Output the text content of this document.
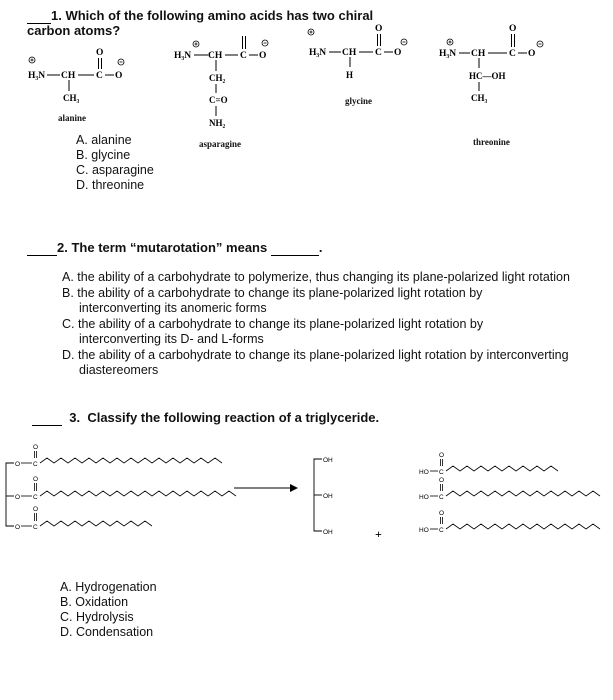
1. Which of the following amino acids has two chiral
carbon atoms?
H₃N CH C
O
O
CH₃
alanine
H₃N CH C O
CH₂
C=O
NH₂
asparagine
H₃N CH C
O
O
H
glycine
H₃N CH	C
O
O
HC—OH
CH₃
threonine
A. alanine
B. glycine
C. asparagine
D. threonine
2. The term “mutarotation” means	.
A. the ability of a carbohydrate to polymerize, thus changing its plane-polarized light rotation
B. the ability of a carbohydrate to change its plane-polarized light rotation by interconverting its anomeric forms
C. the ability of a carbohydrate to change its plane-polarized light rotation by interconverting its D- and L-forms
D. the ability of a carbohydrate to change its plane-polarized light rotation by interconverting diastereomers
3. Classify the following reaction of a triglyceride.
O C
O
O C
O
O C
O
OH
OH
OH	+
HO C
O
HO C
O
HO C
O
A. Hydrogenation
B. Oxidation
C. Hydrolysis
D. Condensation
